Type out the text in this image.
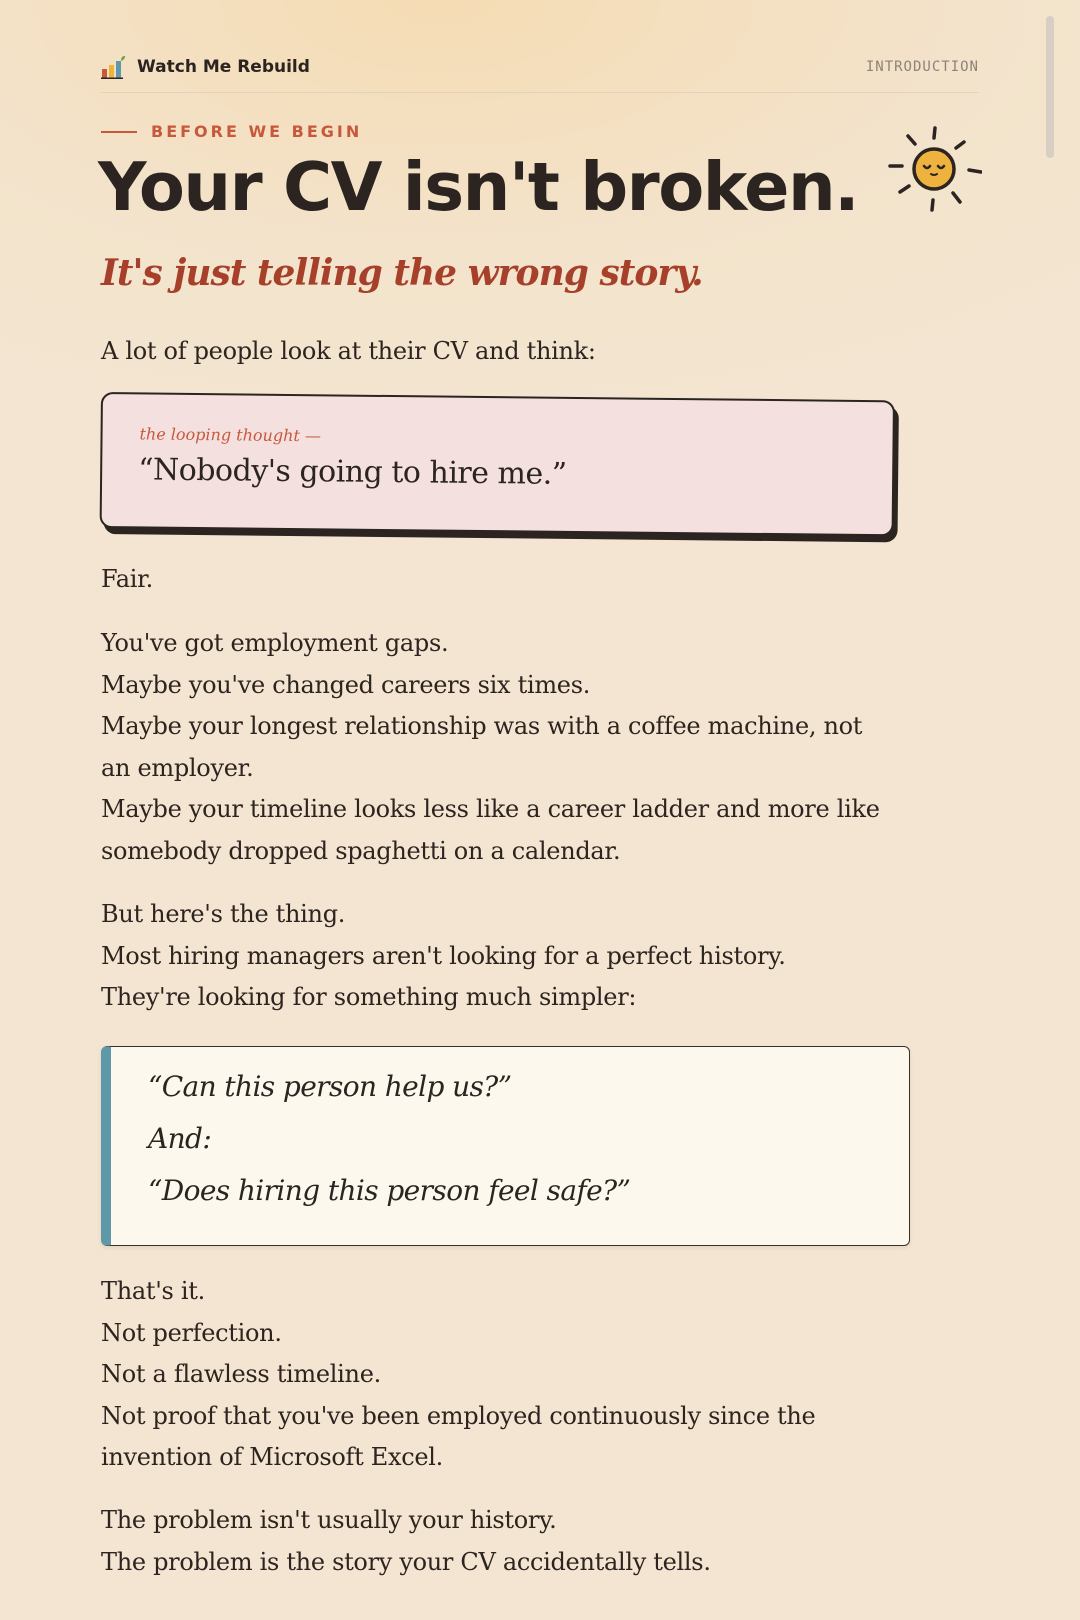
Watch Me Rebuild	INTRODUCTION
BEFORE WE BEGIN
Your CV isn't broken.
It's just telling the wrong story.
A lot of people look at their CV and think:
the looping thought —

“Nobody's going to hire me.”

Fair.
You've got employment gaps.
Maybe you've changed careers six times.
Maybe your longest relationship was with a coffee machine, not
an employer.
Maybe your timeline looks less like a career ladder and more like
somebody dropped spaghetti on a calendar.
But here's the thing.
Most hiring managers aren't looking for a perfect history.
They're looking for something much simpler:
“Can this person help us?”
And:
“Does hiring this person feel safe?”
That's it.
Not perfection.
Not a flawless timeline.
Not proof that you've been employed continuously since the
invention of Microsoft Excel.
The problem isn't usually your history.
The problem is the story your CV accidentally tells.
